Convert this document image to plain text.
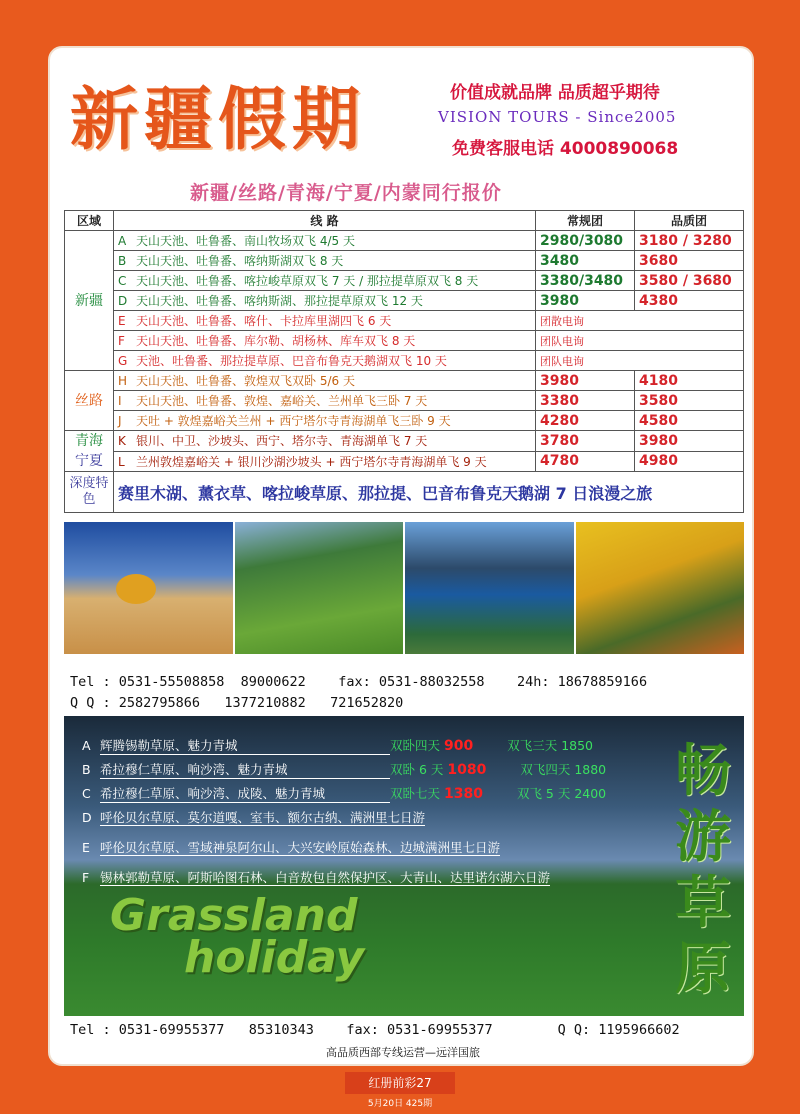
新疆假期	价值成就品牌 品质超乎期待
VISION TOURS - Since2005
免费客服电话 4000890068
新疆/丝路/青海/宁夏/内蒙同行报价
区域	线 路	常规团	品质团
新疆	A 天山天池、吐鲁番、南山牧场双飞 4/5 天	2980/3080	3180 / 3280
	B 天山天池、吐鲁番、喀纳斯湖双飞 8 天	3480	3680
	C 天山天池、吐鲁番、喀拉峻草原双飞 7 天 / 那拉提草原双飞 8 天	3380/3480	3580 / 3680
	D 天山天池、吐鲁番、喀纳斯湖、那拉提草原双飞 12 天	3980	4380
	E 天山天池、吐鲁番、喀什、卡拉库里湖四飞 6 天	团散电询	
	F 天山天池、吐鲁番、库尔勒、胡杨林、库车双飞 8 天	团队电询	
	G 天池、吐鲁番、那拉提草原、巴音布鲁克天鹅湖双飞 10 天	团队电询	
丝路	H 天山天池、吐鲁番、敦煌双飞双卧 5/6 天	3980	4180
	I 天山天池、吐鲁番、敦煌、嘉峪关、兰州单飞三卧 7 天	3380	3580
	J 天吐 + 敦煌嘉峪关兰州 + 西宁塔尔寺青海湖单飞三卧 9 天	4280	4580
青海
宁夏	K 银川、中卫、沙坡头、西宁、塔尔寺、青海湖单飞 7 天	3780	3980
	L 兰州敦煌嘉峪关 + 银川沙湖沙坡头 + 西宁塔尔寺青海湖单飞 9 天	4780	4980
深度特色	赛里木湖、薰衣草、喀拉峻草原、那拉提、巴音布鲁克天鹅湖 7 日浪漫之旅		
Tel : 0531-55508858  89000622    fax: 0531-88032558    24h: 18678859166
Q Q : 2582795866   1377210882   721652820
A 辉腾锡勒草原、魅力青城	双卧四天 900	双飞三天 1850
B 希拉穆仁草原、响沙湾、魅力青城	双卧 6 天 1080	双飞四天 1880
C 希拉穆仁草原、响沙湾、成陵、魅力青城	双卧七天 1380	双飞 5 天 2400
D 呼伦贝尔草原、莫尔道嘎、室韦、额尔古纳、满洲里七日游
E 呼伦贝尔草原、雪域神泉阿尔山、大兴安岭原始森林、边城满洲里七日游
F 锡林郭勒草原、阿斯哈图石林、白音敖包自然保护区、大青山、达里诺尔湖六日游
Grassland
holiday
畅游草原
Tel : 0531-69955377   85310343    fax: 0531-69955377        Q Q: 1195966602
高品质西部专线运营—远洋国旅
红册前彩27
5月20日 425期
